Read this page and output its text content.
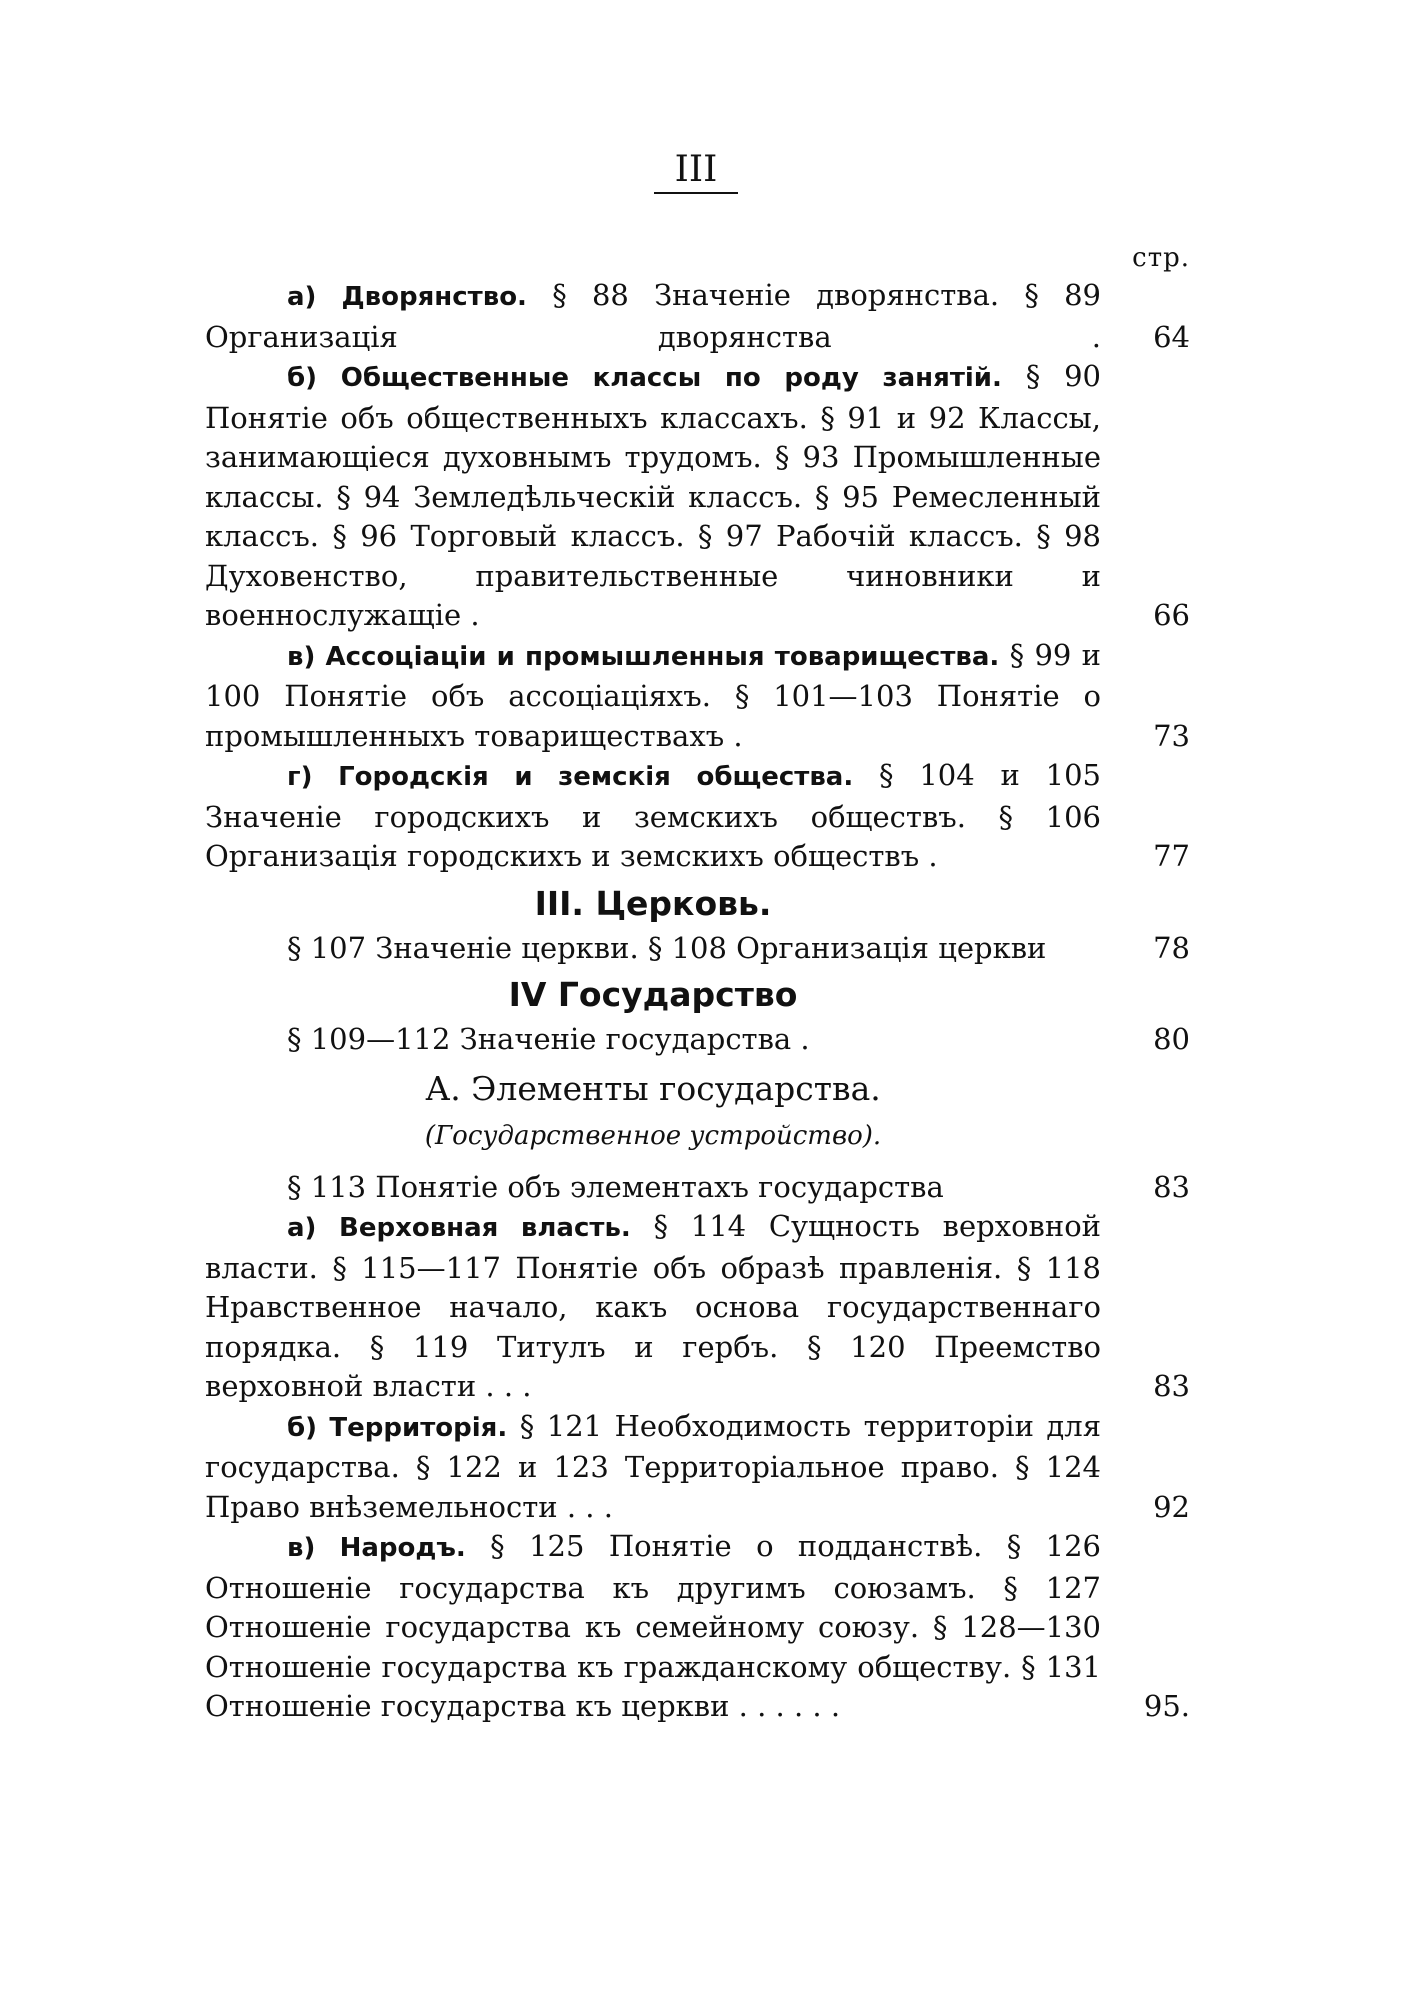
III
стр.
а) Дворянство. § 88 Значеніе дворянства. § 89 Организація дворянства .	64
б) Общественные классы по роду занятій. § 90 Понятіе объ общественныхъ классахъ. § 91 и 92 Классы, занимающіеся духовнымъ трудомъ. § 93 Промышленные классы. § 94 Земледѣльческій классъ. § 95 Ремесленный классъ. § 96 Торговый классъ. § 97 Рабочій классъ. § 98 Духовенство, правительственные чиновники и военнослужащіе .	66
в) Ассоціаціи и промышленныя товарищества. § 99 и 100 Понятіе объ ассоціаціяхъ. § 101—103 Понятіе о промышленныхъ товариществахъ .	73
г) Городскія и земскія общества. § 104 и 105 Значеніе городскихъ и земскихъ обществъ. § 106 Организація городскихъ и земскихъ обществъ .	77
III. Церковь.
§ 107 Значеніе церкви. § 108 Организація церкви	78
IV Государство
§ 109—112 Значеніе государства .	80
А. Элементы государства.
(Государственное устройство).
§ 113 Понятіе объ элементахъ государства	83
а) Верховная власть. § 114 Сущность верховной власти. § 115—117 Понятіе объ образѣ правленія. § 118 Нравственное начало, какъ основа государственнаго порядка. § 119 Титулъ и гербъ. § 120 Преемство верховной власти . . .	83
б) Территорія. § 121 Необходимость территоріи для государства. § 122 и 123 Территоріальное право. § 124 Право внѣземельности . . .	92
в) Народъ. § 125 Понятіе о подданствѣ. § 126 Отношеніе государства къ другимъ союзамъ. § 127 Отношеніе государства къ семейному союзу. § 128—130 Отношеніе государства къ гражданскому обществу. § 131 Отношеніе государства къ церкви . . . . . .	95.
